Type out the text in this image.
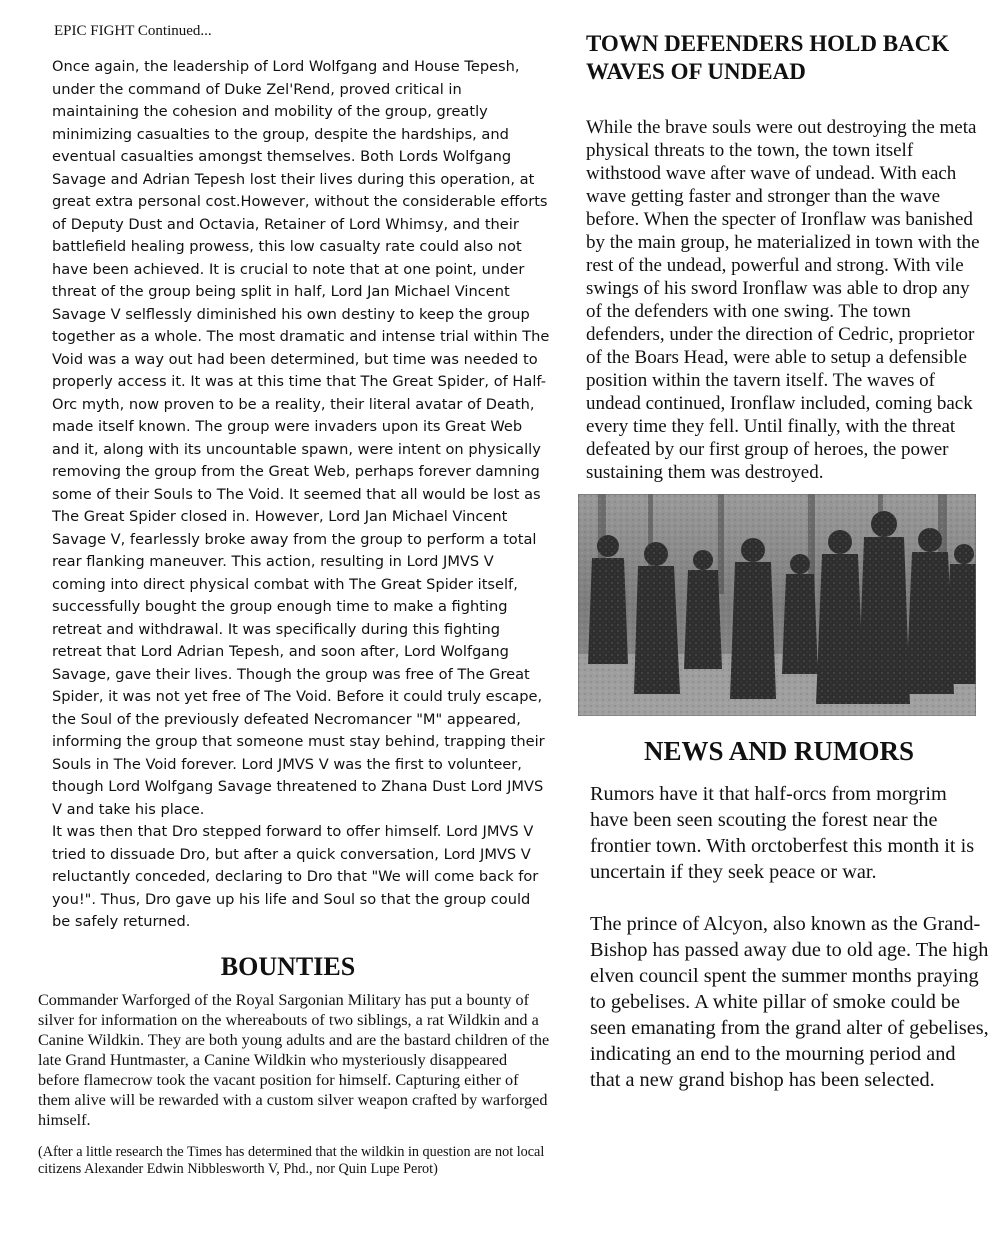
EPIC FIGHT Continued...

Once again, the leadership of Lord Wolfgang and House Tepesh, under the command of Duke Zel'Rend, proved critical in maintaining the cohesion and mobility of the group, greatly minimizing casualties to the group, despite the hardships, and eventual casualties amongst themselves. Both Lords Wolfgang Savage and Adrian Tepesh lost their lives during this operation, at great extra personal cost.However, without the considerable efforts of Deputy Dust and Octavia, Retainer of Lord Whimsy, and their battlefield healing prowess, this low casualty rate could also not have been achieved. It is crucial to note that at one point, under threat of the group being split in half, Lord Jan Michael Vincent Savage V selflessly diminished his own destiny to keep the group together as a whole. The most dramatic and intense trial within The Void was a way out had been determined, but time was needed to properly access it. It was at this time that The Great Spider, of Half-Orc myth, now proven to be a reality, their literal avatar of Death, made itself known. The group were invaders upon its Great Web and it, along with its uncountable spawn, were intent on physically removing the group from the Great Web, perhaps forever damning some of their Souls to The Void. It seemed that all would be lost as The Great Spider closed in. However, Lord Jan Michael Vincent Savage V, fearlessly broke away from the group to perform a total rear flanking maneuver. This action, resulting in Lord JMVS V coming into direct physical combat with The Great Spider itself, successfully bought the group enough time to make a fighting retreat and withdrawal. It was specifically during this fighting retreat that Lord Adrian Tepesh, and soon after, Lord Wolfgang Savage, gave their lives. Though the group was free of The Great Spider, it was not yet free of The Void. Before it could truly escape, the Soul of the previously defeated Necromancer "M" appeared, informing the group that someone must stay behind, trapping their Souls in The Void forever. Lord JMVS V was the first to volunteer, though Lord Wolfgang Savage threatened to Zhana Dust Lord JMVS V and take his place.

It was then that Dro stepped forward to offer himself. Lord JMVS V tried to dissuade Dro, but after a quick conversation, Lord JMVS V reluctantly conceded, declaring to Dro that "We will come back for you!". Thus, Dro gave up his life and Soul so that the group could be safely returned.

BOUNTIES

Commander Warforged of the Royal Sargonian Military has put a bounty of silver for information on the whereabouts of two siblings, a rat Wildkin and a Canine Wildkin. They are both young adults and are the bastard children of the late Grand Huntmaster, a Canine Wildkin who mysteriously disappeared before flamecrow took the vacant position for himself. Capturing either of them alive will be rewarded with a custom silver weapon crafted by warforged himself.

(After a little research the Times has determined that the wildkin in question are not local citizens Alexander Edwin Nibblesworth V, Phd., nor Quin Lupe Perot)

TOWN DEFENDERS HOLD BACK WAVES OF UNDEAD
While the brave souls were out destroying the meta physical threats to the town, the town itself withstood wave after wave of undead. With each wave getting faster and stronger than the wave before. When the specter of Ironflaw was banished by the main group, he materialized in town with the rest of the undead, powerful and strong. With vile swings of his sword Ironflaw was able to drop any of the defenders with one swing. The town defenders, under the direction of Cedric, proprietor of the Boars Head, were able to setup a defensible position within the tavern itself. The waves of undead continued, Ironflaw included, coming back every time they fell. Until finally, with the threat defeated by our first group of heroes, the power sustaining them was destroyed.
NEWS AND RUMORS

Rumors have it that half-orcs from morgrim have been seen scouting the forest near the frontier town. With orctoberfest this month it is uncertain if they seek peace or war.

The prince of Alcyon, also known as the Grand-Bishop has passed away due to old age. The high elven council spent the summer months praying to gebelises. A white pillar of smoke could be seen emanating from the grand alter of gebelises, indicating an end to the mourning period and that a new grand bishop has been selected.
